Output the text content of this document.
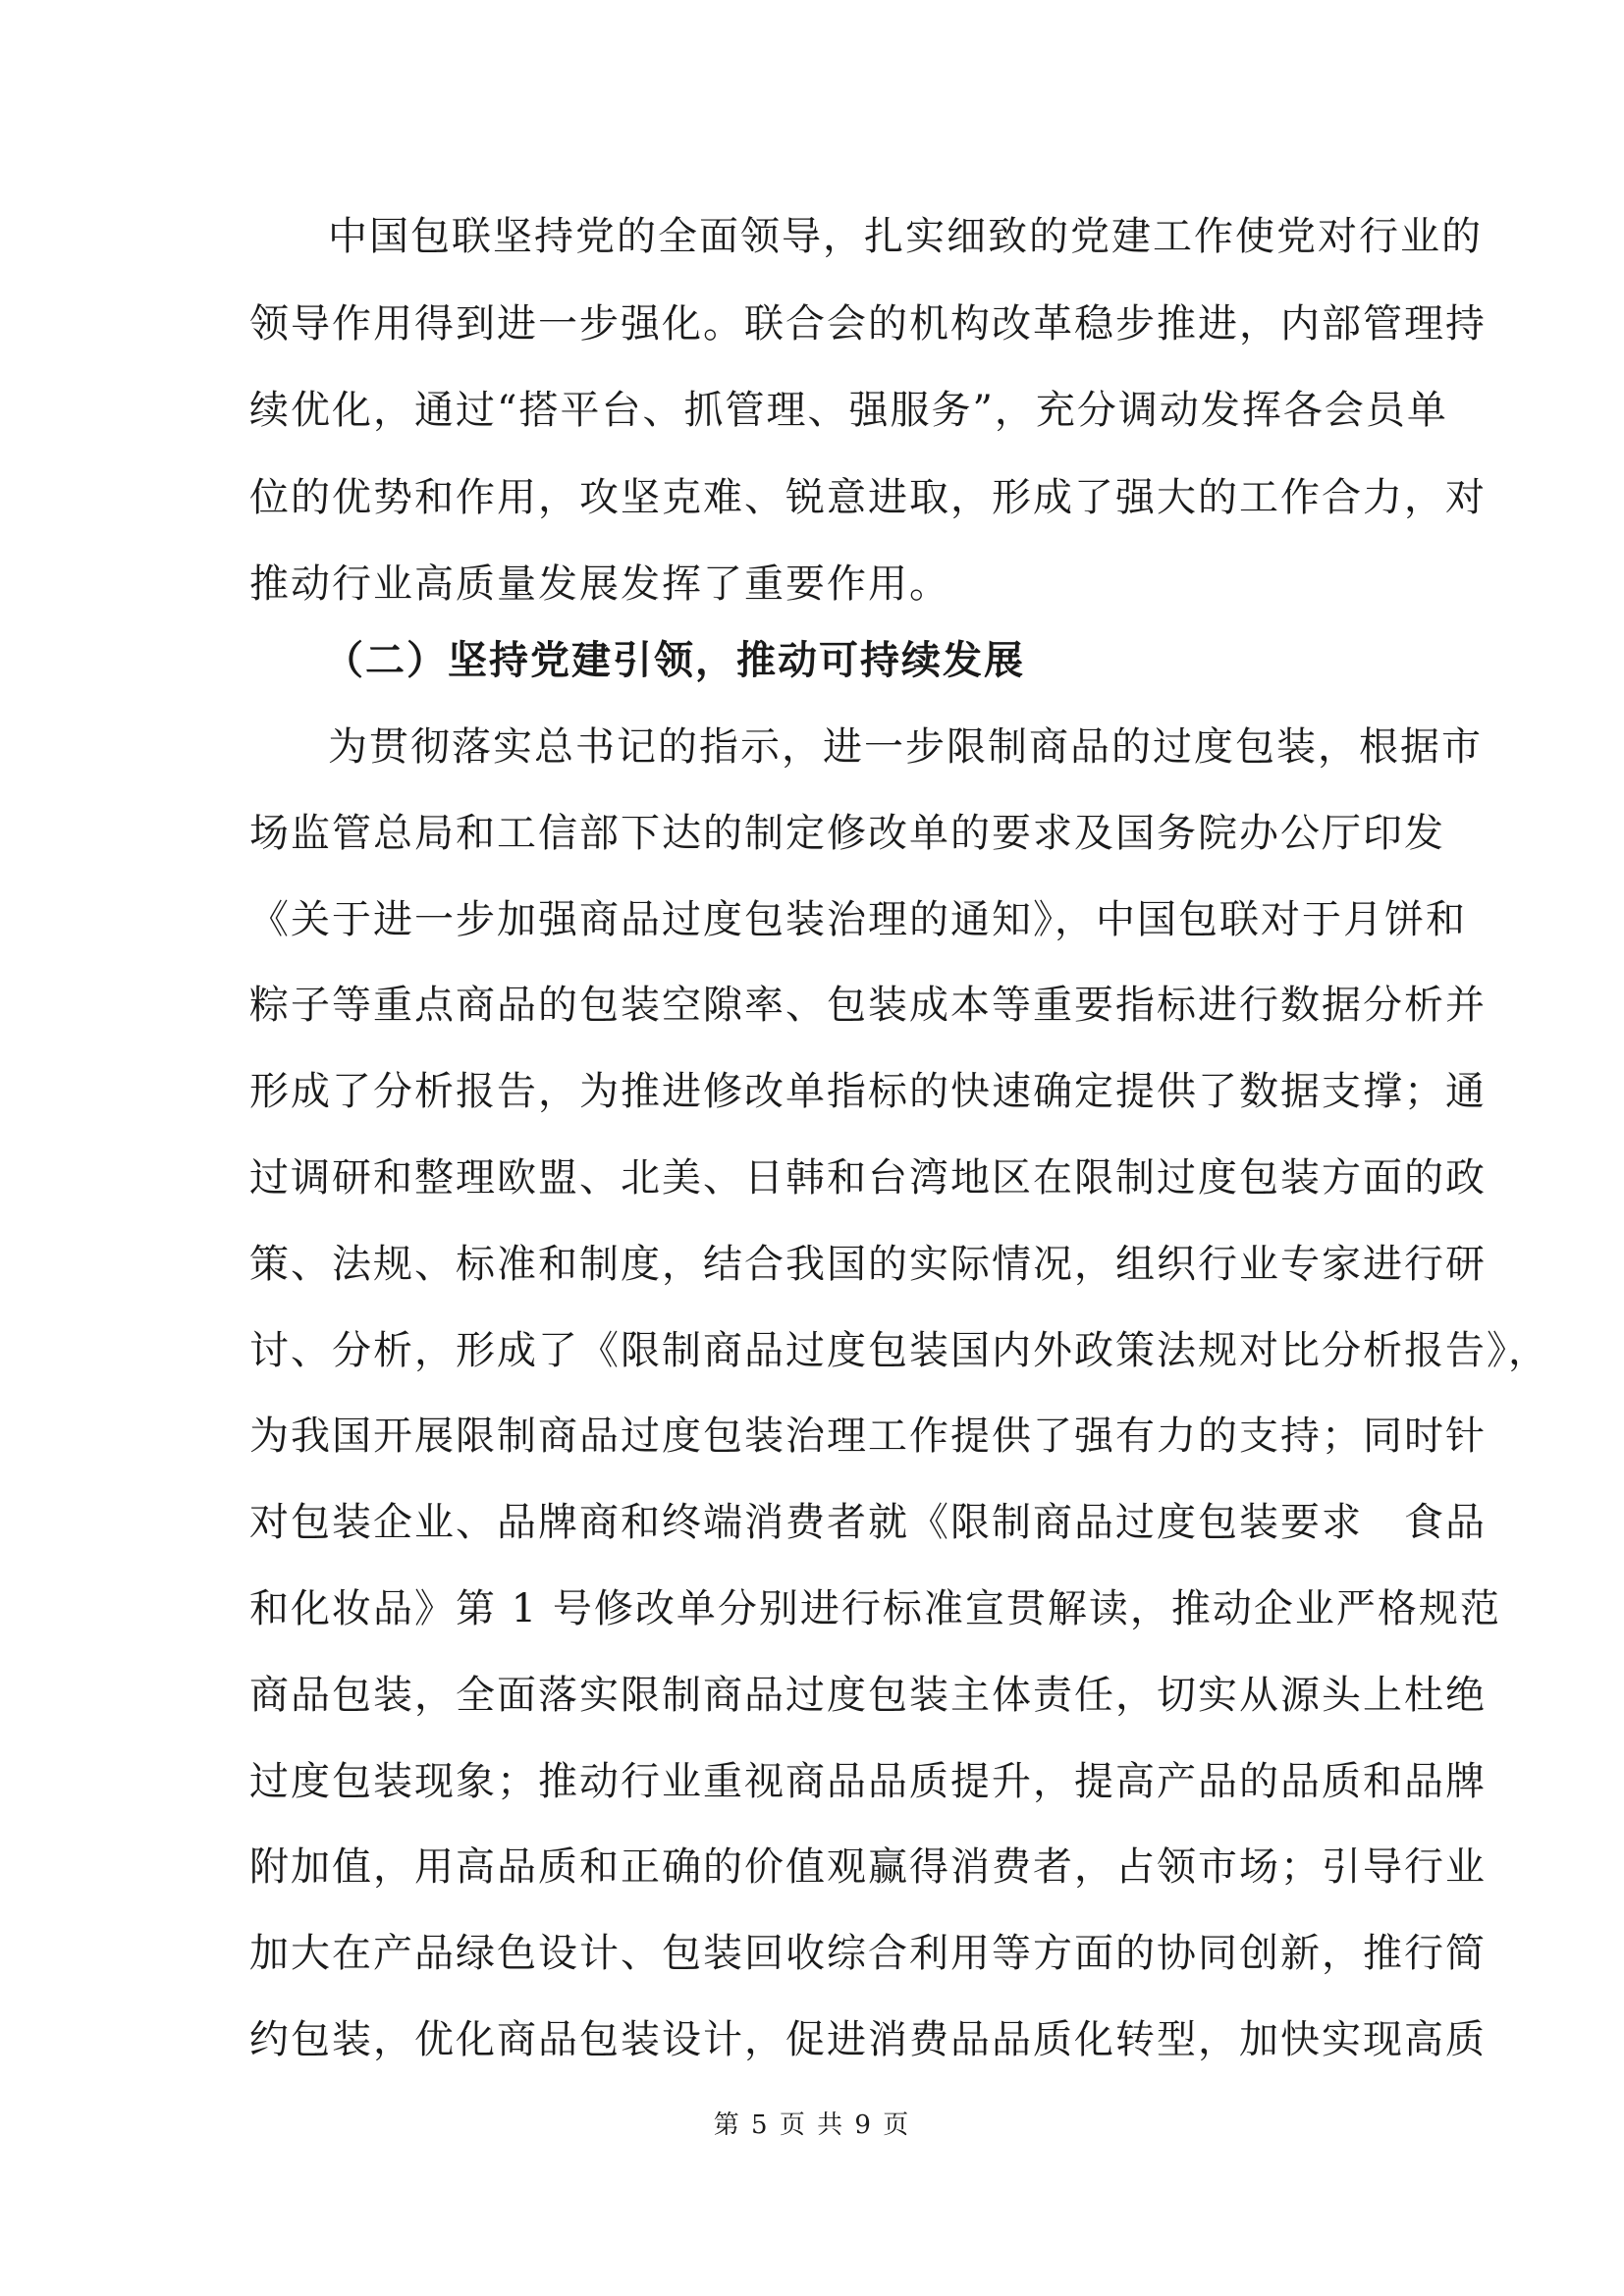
中国包联坚持党的全面领导，扎实细致的党建工作使党对行业的
领导作用得到进一步强化。联合会的机构改革稳步推进，内部管理持
续优化，通过“搭平台、抓管理、强服务”，充分调动发挥各会员单
位的优势和作用，攻坚克难、锐意进取，形成了强大的工作合力，对
推动行业高质量发展发挥了重要作用。
（二）坚持党建引领，推动可持续发展
为贯彻落实总书记的指示，进一步限制商品的过度包装，根据市
场监管总局和工信部下达的制定修改单的要求及国务院办公厅印发
《关于进一步加强商品过度包装治理的通知》，中国包联对于月饼和
粽子等重点商品的包装空隙率、包装成本等重要指标进行数据分析并
形成了分析报告，为推进修改单指标的快速确定提供了数据支撑；通
过调研和整理欧盟、北美、日韩和台湾地区在限制过度包装方面的政
策、法规、标准和制度，结合我国的实际情况，组织行业专家进行研
讨、分析，形成了《限制商品过度包装国内外政策法规对比分析报告》，
为我国开展限制商品过度包装治理工作提供了强有力的支持；同时针
对包装企业、品牌商和终端消费者就《限制商品过度包装要求　食品
和化妆品》第 1 号修改单分别进行标准宣贯解读，推动企业严格规范
商品包装，全面落实限制商品过度包装主体责任，切实从源头上杜绝
过度包装现象；推动行业重视商品品质提升，提高产品的品质和品牌
附加值，用高品质和正确的价值观赢得消费者，占领市场；引导行业
加大在产品绿色设计、包装回收综合利用等方面的协同创新，推行简
约包装，优化商品包装设计，促进消费品品质化转型，加快实现高质
第 5 页 共 9 页
